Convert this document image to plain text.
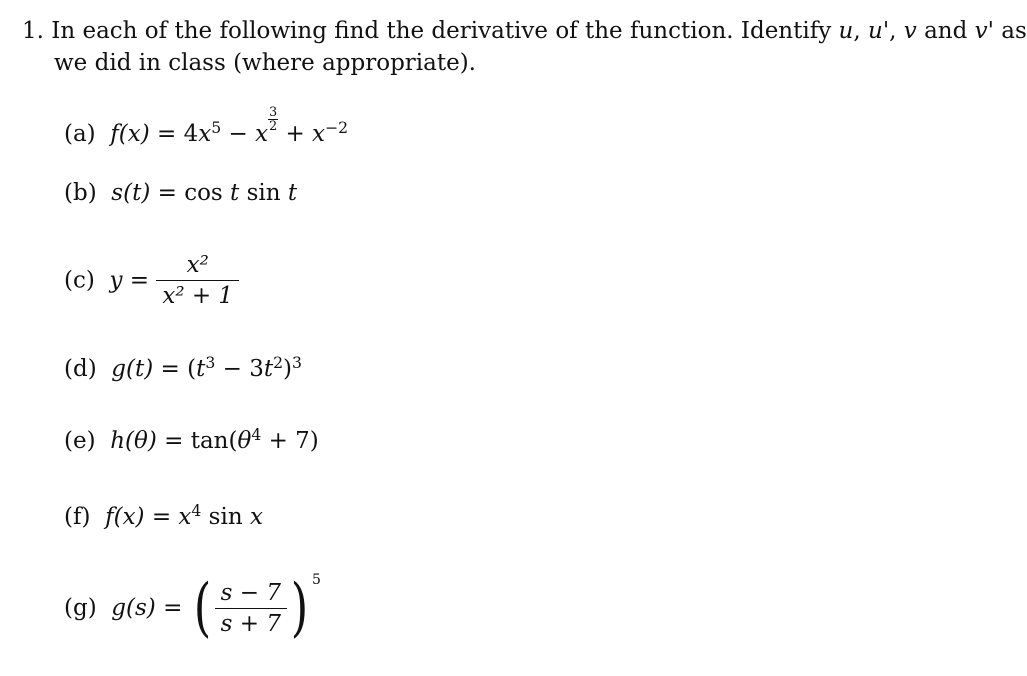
1. In each of the following find the derivative of the function. Identify u, u', v and v' as
we did in class (where appropriate).
(a) $f(x) = 4x^5 - x$
$\frac{3}{2}$
+ $x^{-2}$
(b) s(t) = cos t sin t
(c) $y = \frac{\text{x²}}{\text{x² + 1}}$
(d) $g(t) = (t^3 - 3t^2)^3$
(e) $h(\theta) = \tan(\theta^4 + 7)$
(f) $f(x) = x^4$ sin x
(g) g(s) = ( $\frac{s - 7}{s + 7}$ ) $^5$
